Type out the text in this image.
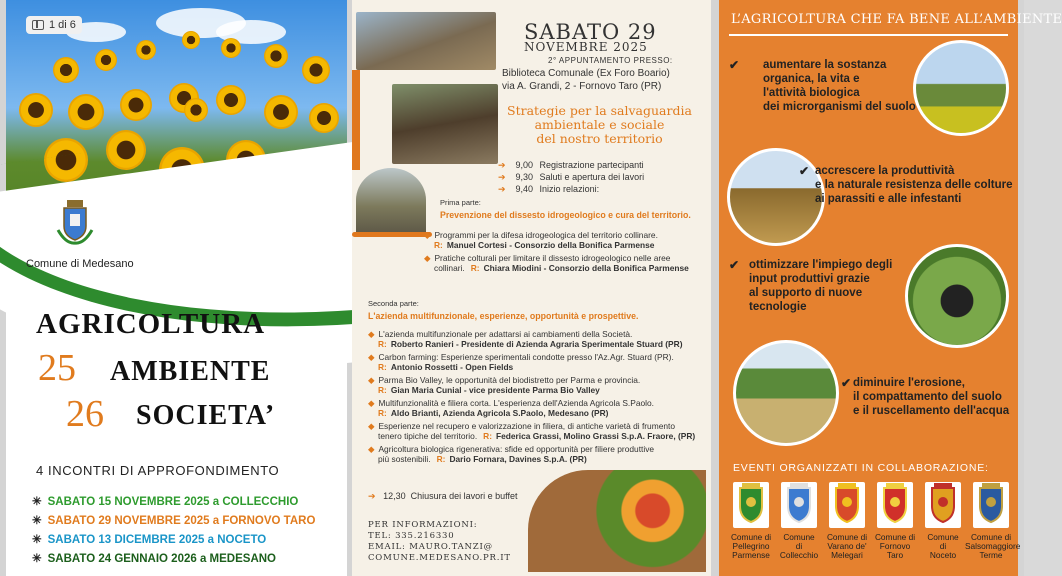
1 di 6
Comune di Medesano
AGRICOLTURA
25 AMBIENTE
26 SOCIETA’
4 INCONTRI DI APPROFONDIMENTO
✳ SABATO 15 NOVEMBRE 2025 a COLLECCHIO
✳ SABATO 29 NOVEMBRE 2025 a FORNOVO TARO
✳ SABATO 13 DICEMBRE 2025 a NOCETO
✳ SABATO 24 GENNAIO 2026 a MEDESANO
SABATO 29
NOVEMBRE 2025
2° APPUNTAMENTO PRESSO:
Biblioteca Comunale (Ex Foro Boario)
via A. Grandi, 2 - Fornovo Taro (PR)
Strategie per la salvaguardia
ambientale e sociale
del nostro territorio
➔ 9,00 Registrazione partecipanti
➔ 9,30 Saluti e apertura dei lavori
➔ 9,40 Inizio relazioni:
Prima parte:
Prevenzione del dissesto idrogeologico e cura del territorio.
◆ Programmi per la difesa idrogeologica del territorio collinare.
R: Manuel Cortesi - Consorzio della Bonifica Parmense
◆ Pratiche colturali per limitare il dissesto idrogeologico nelle aree
collinari. R: Chiara Miodini - Consorzio della Bonifica Parmense
Seconda parte:
L'azienda multifunzionale, esperienze, opportunità e prospettive.
◆ L'azienda multifunzionale per adattarsi ai cambiamenti della Società.
R: Roberto Ranieri - Presidente di Azienda Agraria Sperimentale Stuard (PR)
◆ Carbon farming: Esperienze sperimentali condotte presso l'Az.Agr. Stuard (PR).
R: Antonio Rossetti - Open Fields
◆ Parma Bio Valley, le opportunità del biodistretto per Parma e provincia.
R: Gian Maria Cunial - vice presidente Parma Bio Valley
◆ Multifunzionalità e filiera corta. L'esperienza dell'Azienda Agricola S.Paolo.
R: Aldo Brianti, Azienda Agricola S.Paolo, Medesano (PR)
◆ Esperienze nel recupero e valorizzazione in filiera, di antiche varietà di frumento
tenero tipiche del territorio. R: Federica Grassi, Molino Grassi S.p.A. Fraore, (PR)
◆ Agricoltura biologica rigenerativa: sfide ed opportunità per filiere produttive
più sostenibili. R: Dario Fornara, Davines S.p.A. (PR)
➔ 12,30 Chiusura dei lavori e buffet
PER INFORMAZIONI:
TEL: 335.216330
EMAIL: MAURO.TANZI@
COMUNE.MEDESANO.PR.IT
L’AGRICOLTURA CHE FA BENE ALL’AMBIENTE
✔ aumentare la sostanza
organica, la vita e
l'attività biologica
dei microrganismi del suolo
✔ accrescere la produttività
e la naturale resistenza delle colture
ai parassiti e alle infestanti
✔ ottimizzare l'impiego degli
input produttivi grazie
al supporto di nuove
tecnologie
✔ diminuire l'erosione,
il compattamento del suolo
e il ruscellamento dell'acqua
EVENTI ORGANIZZATI IN COLLABORAZIONE:
Comune di
Pellegrino
Parmense
Comune
di
Collecchio
Comune di
Varano de'
Melegari
Comune di
Fornovo
Taro
Comune
di
Noceto
Comune di
Salsomaggiore
Terme
